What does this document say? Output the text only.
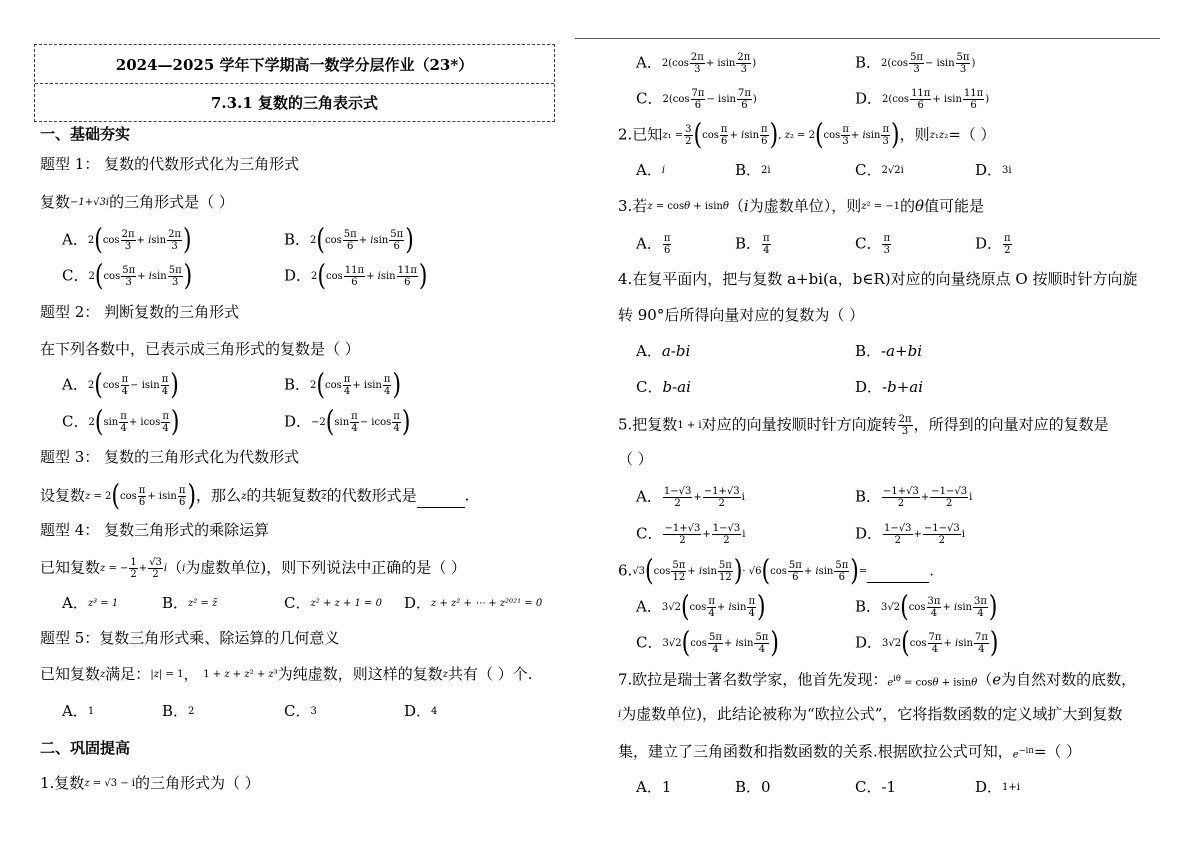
2024—2025 学年下学期高一数学分层作业（23*）
7.3.1 复数的三角表示式
一、基础夯实
题型 1： 复数的代数形式化为三角形式
复数−1+√3i的三角形式是（ ）
A．$2(\cos \frac{2\pi}{3} + isin \frac{2\pi}{3}$ )	B．$2(\cos \frac{5\pi}{6} + isin \frac{5\pi}{6}$ )
C．$2(\cos \frac{5\pi}{3} + isin \frac{5\pi}{3}$ )	D．$2(\cos \frac{11\pi}{6} + isin \frac{11\pi}{6}$ )
题型 2： 判断复数的三角形式
在下列各数中，已表示成三角形式的复数是（ ）
A．$2(\cos \frac{\pi}{4} - isin \frac{\pi}{4}$ )	B．$2(\cos \frac{\pi}{4} + isin \frac{\pi}{4}$ )
C．$2(\sin \frac{\pi}{4} + icos \frac{\pi}{4}$ )	D．$-2(\sin \frac{\pi}{4} - icos \frac{\pi}{4}$ )
题型 3： 复数的三角形式化为代数形式
设复数$z = 2(\cos \frac{\pi}{6} + isin \frac{\pi}{6}$ )，那么z的共轭复数$\overline{z}$的代数形式是	.
题型 4： 复数三角形式的乘除运算
已知复数z = − $\frac{1}{2} + \frac{√3}{2} i(i$为虚数单位)，则下列说法中正确的是（ ）
A．z³ = 1	B．z² = z̄	C．z² + z + 1 = 0 D．z + z² + ⋯ + z²⁰²¹ = 0
题型 5：复数三角形式乘、除运算的几何意义
已知复数z满足：|z| = 1， 1 + z + z² + z³为纯虚数，则这样的复数z共有（ ）个.
A．1	B．2	C．3	D．4
二、巩固提高
1.复数z = √3 − i的三角形式为（ ）
A．$2(\cos \frac{2\pi}{3} + isin \frac{2\pi}{3}$ )	B．$2(\cos \frac{5\pi}{3} - isin \frac{5\pi}{3}$ )
C．$2(\cos \frac{7\pi}{6} - isin \frac{7\pi}{6}$ )	D．$2(\cos \frac{11\pi}{6} + isin \frac{11\pi}{6}$ )
2.已知$z_1 = \frac{3}{2} (\cos \frac{\pi}{6} + isin \frac{\pi}{6}$ ), $z_2 = 2(\cos \frac{\pi}{3} + isin \frac{\pi}{3}$ )，则z₁z₂=（ ）
A．i	B．2i	C．2√2i	D．3i
3.若z = cosθ + isinθ（i为虚数单位），则z² = −1的θ值可能是
A． $\frac{\pi}{6}$	B． $\frac{\pi}{4}$	C． $\frac{\pi}{3}$	D． $\frac{\pi}{2}$
4.在复平面内，把与复数 a+bi(a，b∈R)对应的向量绕原点 O 按顺时针方向旋
转 90°后所得向量对应的复数为（ ）
A．a-bi	B．-a+bi
C．b-ai	D．-b+ai
5.把复数1 + i对应的向量按顺时针方向旋转 $\frac{2\pi}{3}$ ，所得到的向量对应的复数是
（ ）
A． $\frac{1-√3}{2} + \frac{-1+√3}{2}$ i	B． $\frac{-1+√3}{2} + \frac{-1-√3}{2}$ i
C． $\frac{-1+√3}{2} + \frac{1-√3}{2}$ i	D． $\frac{1-√3}{2} + \frac{-1-√3}{2}$ i
$6.√3(\cos \frac{5\pi}{12} + isin \frac{5\pi}{12}$ )· $√6(\cos \frac{5\pi}{6} + isin \frac{5\pi}{6}$ )=	.
A．$3√2(\cos \frac{\pi}{4} + isin \frac{\pi}{4}$ )	B．$3√2(\cos \frac{3\pi}{4} + isin \frac{3\pi}{4}$ )
C．$3√2(\cos \frac{5\pi}{4} + isin \frac{5\pi}{4}$ )	D．$3√2(\cos \frac{7\pi}{4} + isin \frac{7\pi}{4}$ )
7.欧拉是瑞士著名数学家，他首先发现：$e^{i\theta} = \cos\theta + isin\theta(e$为自然对数的底数，
i为虚数单位)，此结论被称为“欧拉公式”，它将指数函数的定义域扩大到复数
集，建立了三角函数和指数函数的关系.根据欧拉公式可知，$e^{-i\pi}=$（ ）
A．1	B．0	C．-1	D．1+i
